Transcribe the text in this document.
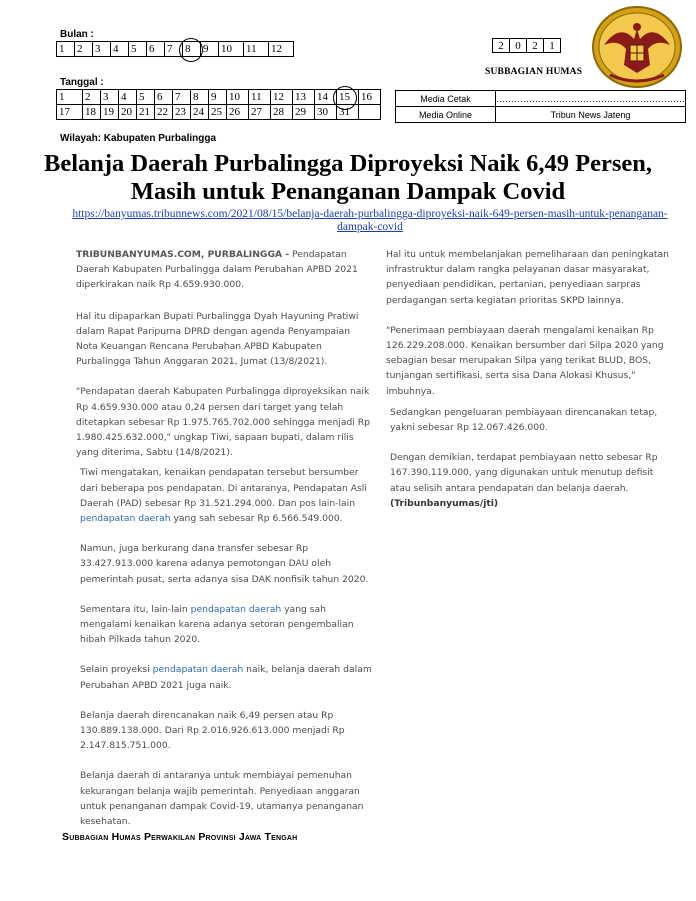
Bulan :
1	2	3	4	5	6	7	8	9	10	11	12	2	0	2	1
SUBBAGIAN HUMAS
Tanggal :
1	2	3	4	5	6	7	8	9	10	11	12	13	14	15	16
17	18	19	20	21	22	23	24	25	26	27	28	29	30	31	
Media Cetak	………………………………………………………
Media Online	Tribun News Jateng
Wilayah: Kabupaten Purbalingga
Belanja Daerah Purbalingga Diproyeksi Naik 6,49 Persen, Masih untuk Penanganan Dampak Covid
https://banyumas.tribunnews.com/2021/08/15/belanja-daerah-purbalingga-diproyeksi-naik-649-persen-masih-untuk-penanganan-dampak-covid

TRIBUNBANYUMAS.COM, PURBALINGGA - Pendapatan Daerah Kabupaten Purbalingga dalam Perubahan APBD 2021 diperkirakan naik Rp 4.659.930.000.

Hal itu dipaparkan Bupati Purbalingga Dyah Hayuning Pratiwi dalam Rapat Paripurna DPRD dengan agenda Penyampaian Nota Keuangan Rencana Perubahan APBD Kabupaten Purbalingga Tahun Anggaran 2021, Jumat (13/8/2021).

"Pendapatan daerah Kabupaten Purbalingga diproyeksikan naik Rp 4.659.930.000 atau 0,24 persen dari target yang telah ditetapkan sebesar Rp 1.975.765.702.000 sehingga menjadi Rp 1.980.425.632.000," ungkap Tiwi, sapaan bupati, dalam rilis yang diterima, Sabtu (14/8/2021).

Tiwi mengatakan, kenaikan pendapatan tersebut bersumber dari beberapa pos pendapatan. Di antaranya, Pendapatan Asli Daerah (PAD) sebesar Rp 31.521.294.000. Dan pos lain-lain pendapatan daerah yang sah sebesar Rp 6.566.549.000.

Namun, juga berkurang dana transfer sebesar Rp 33.427.913.000 karena adanya pemotongan DAU oleh pemerintah pusat, serta adanya sisa DAK nonfisik tahun 2020.

Sementara itu, lain-lain pendapatan daerah yang sah mengalami kenaikan karena adanya setoran pengembalian hibah Pilkada tahun 2020.

Selain proyeksi pendapatan daerah naik, belanja daerah dalam Perubahan APBD 2021 juga naik.

Belanja daerah direncanakan naik 6,49 persen atau Rp 130.889.138.000. Dari Rp 2.016.926.613.000 menjadi Rp 2.147.815.751.000.

Belanja daerah di antaranya untuk membiayai pemenuhan kekurangan belanja wajib pemerintah. Penyediaan anggaran untuk penanganan dampak Covid-19, utamanya penanganan kesehatan.

Hal itu untuk membelanjakan pemeliharaan dan peningkatan infrastruktur dalam rangka pelayanan dasar masyarakat, penyediaan pendidikan, pertanian, penyediaan sarpras perdagangan serta kegiatan prioritas SKPD lainnya.

"Penerimaan pembiayaan daerah mengalami kenaikan Rp 126.229.208.000. Kenaikan bersumber dari Silpa 2020 yang sebagian besar merupakan Silpa yang terikat BLUD, BOS, tunjangan sertifikasi, serta sisa Dana Alokasi Khusus," imbuhnya.

Sedangkan pengeluaran pembiayaan direncanakan tetap, yakni sebesar Rp 12.067.426.000.

Dengan demikian, terdapat pembiayaan netto sebesar Rp 167.390.119.000, yang digunakan untuk menutup defisit atau selisih antara pendapatan dan belanja daerah.

(Tribunbanyumas/jti)

Subbagian Humas Perwakilan Provinsi Jawa Tengah
